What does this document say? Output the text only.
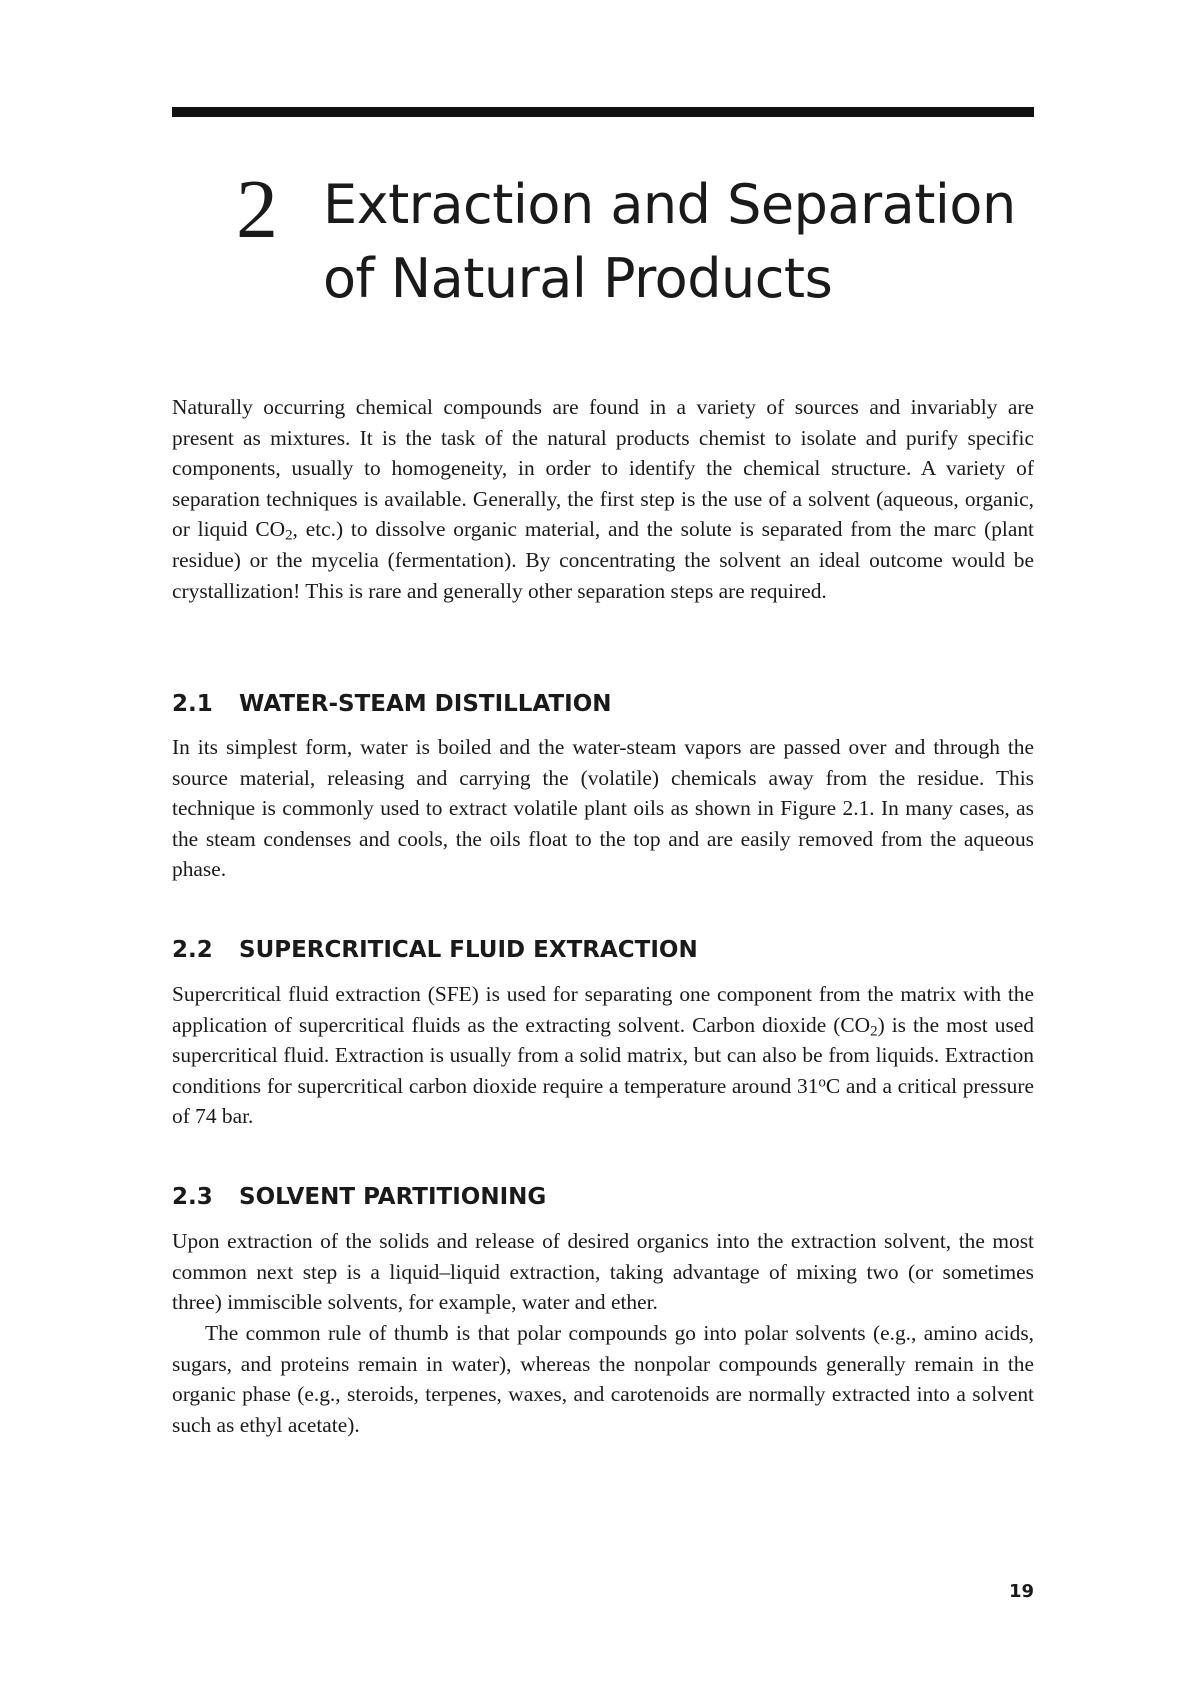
2 Extraction and Separation
of Natural Products

Naturally occurring chemical compounds are found in a variety of sources and invariably are present as mixtures. It is the task of the natural products chemist to isolate and purify specific components, usually to homogeneity, in order to identify the chemical structure. A variety of separation techniques is available. Generally, the first step is the use of a solvent (aqueous, organic, or liquid $CO_2$, etc.) to dissolve organic material, and the solute is separated from the marc (plant residue) or the mycelia (fermentation). By concentrating the solvent an ideal outcome would be crystallization! This is rare and generally other separation steps are required.

2.1 WATER-STEAM DISTILLATION

In its simplest form, water is boiled and the water-steam vapors are passed over and through the source material, releasing and carrying the (volatile) chemicals away from the residue. This technique is commonly used to extract volatile plant oils as shown in Figure 2.1. In many cases, as the steam condenses and cools, the oils float to the top and are easily removed from the aqueous phase.

2.2 SUPERCRITICAL FLUID EXTRACTION

Supercritical fluid extraction (SFE) is used for separating one component from the matrix with the application of supercritical fluids as the extracting solvent. Carbon dioxide $(CO_2)$ is the most used supercritical fluid. Extraction is usually from a solid matrix, but can also be from liquids. Extraction conditions for supercritical carbon dioxide require a temperature around 31$^o$C and a critical pressure of 74 bar.

2.3 SOLVENT PARTITIONING

Upon extraction of the solids and release of desired organics into the extraction solvent, the most common next step is a liquid–liquid extraction, taking advantage of mixing two (or sometimes three) immiscible solvents, for example, water and ether.

The common rule of thumb is that polar compounds go into polar solvents (e.g., amino acids, sugars, and proteins remain in water), whereas the nonpolar compounds generally remain in the organic phase (e.g., steroids, terpenes, waxes, and carotenoids are normally extracted into a solvent such as ethyl acetate).

19
